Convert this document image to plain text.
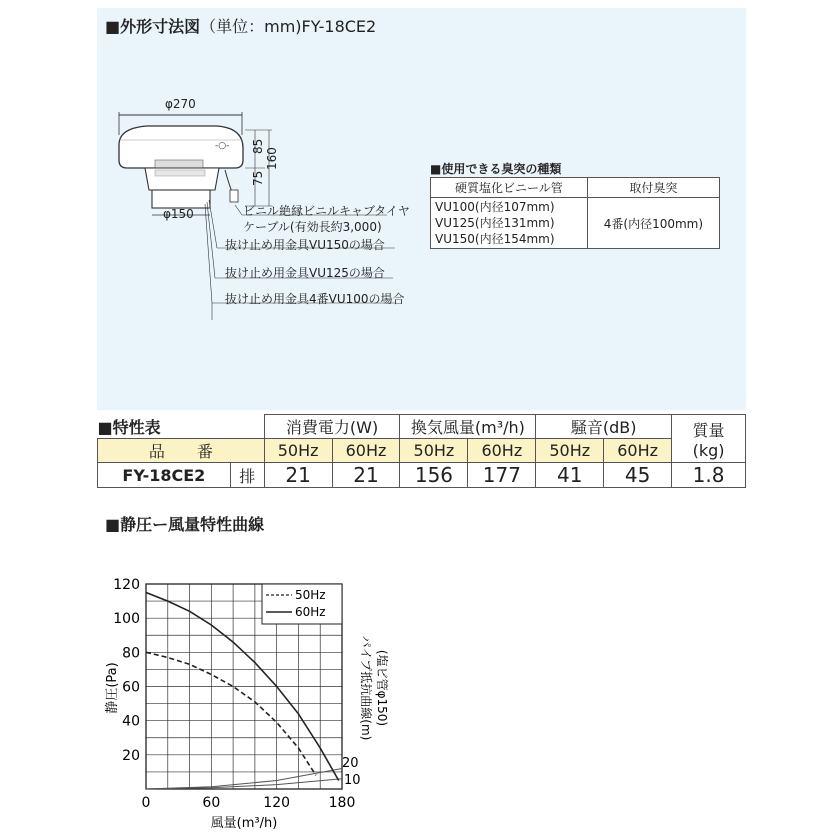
■外形寸法図（単位：mm)FY-18CE2
-○-
φ270
φ150
85
75
160
ビニル絶縁ビニルキャブタイヤ
ケーブル(有効長約3,000)
抜け止め用金具VU150の場合
抜け止め用金具VU125の場合
抜け止め用金具4番VU100の場合
■使用できる臭突の種類
硬質塩化ビニール管	取付臭突

VU100(内径107mm)
VU125(内径131mm)
VU150(内径154mm)	4番(内径100mm)
■特性表		消費電力(W)		換気風量(m³/h)		騒音(dB)		質量
(kg)

品　　番		50Hz	60Hz	50Hz	60Hz	50Hz	60Hz	
FY-18CE2	排	21	21	156	177	41	45	1.8
■静圧ー風量特性曲線
0	60	120	180
20
40
60
80
100
120
50Hz
60Hz
静圧(Pa)
風量(m³/h)
パイプ抵抗曲線(m) (塩ビ管φ150)
20
10
